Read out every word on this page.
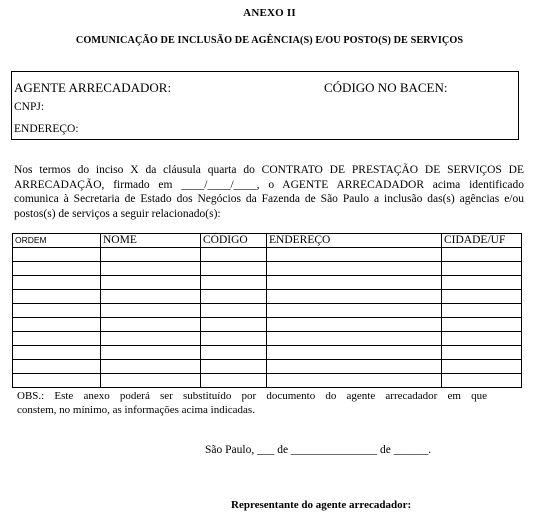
ANEXO II
COMUNICAÇÃO DE INCLUSÃO DE AGÊNCIA(S) E/OU POSTO(S) DE SERVIÇOS
AGENTE ARRECADADOR:	CÓDIGO NO BACEN:
CNPJ:
ENDEREÇO:
Nos termos do inciso X da cláusula quarta do CONTRATO DE PRESTAÇÃO DE SERVIÇOS DE
ARRECADAÇÃO, firmado em ____/____/____, o AGENTE ARRECADADOR acima identificado
comunica à Secretaria de Estado dos Negócios da Fazenda de São Paulo a inclusão das(s) agências e/ou
postos(s) de serviços a seguir relacionado(s):
ORDEM	NOME	CÓDIGO	ENDEREÇO	CIDADE/UF

OBS.: Este anexo poderá ser substituído por documento do agente arrecadador em que
constem, no mínimo, as informações acima indicadas.
São Paulo, ___ de _______________ de ______.
Representante do agente arrecadador:
